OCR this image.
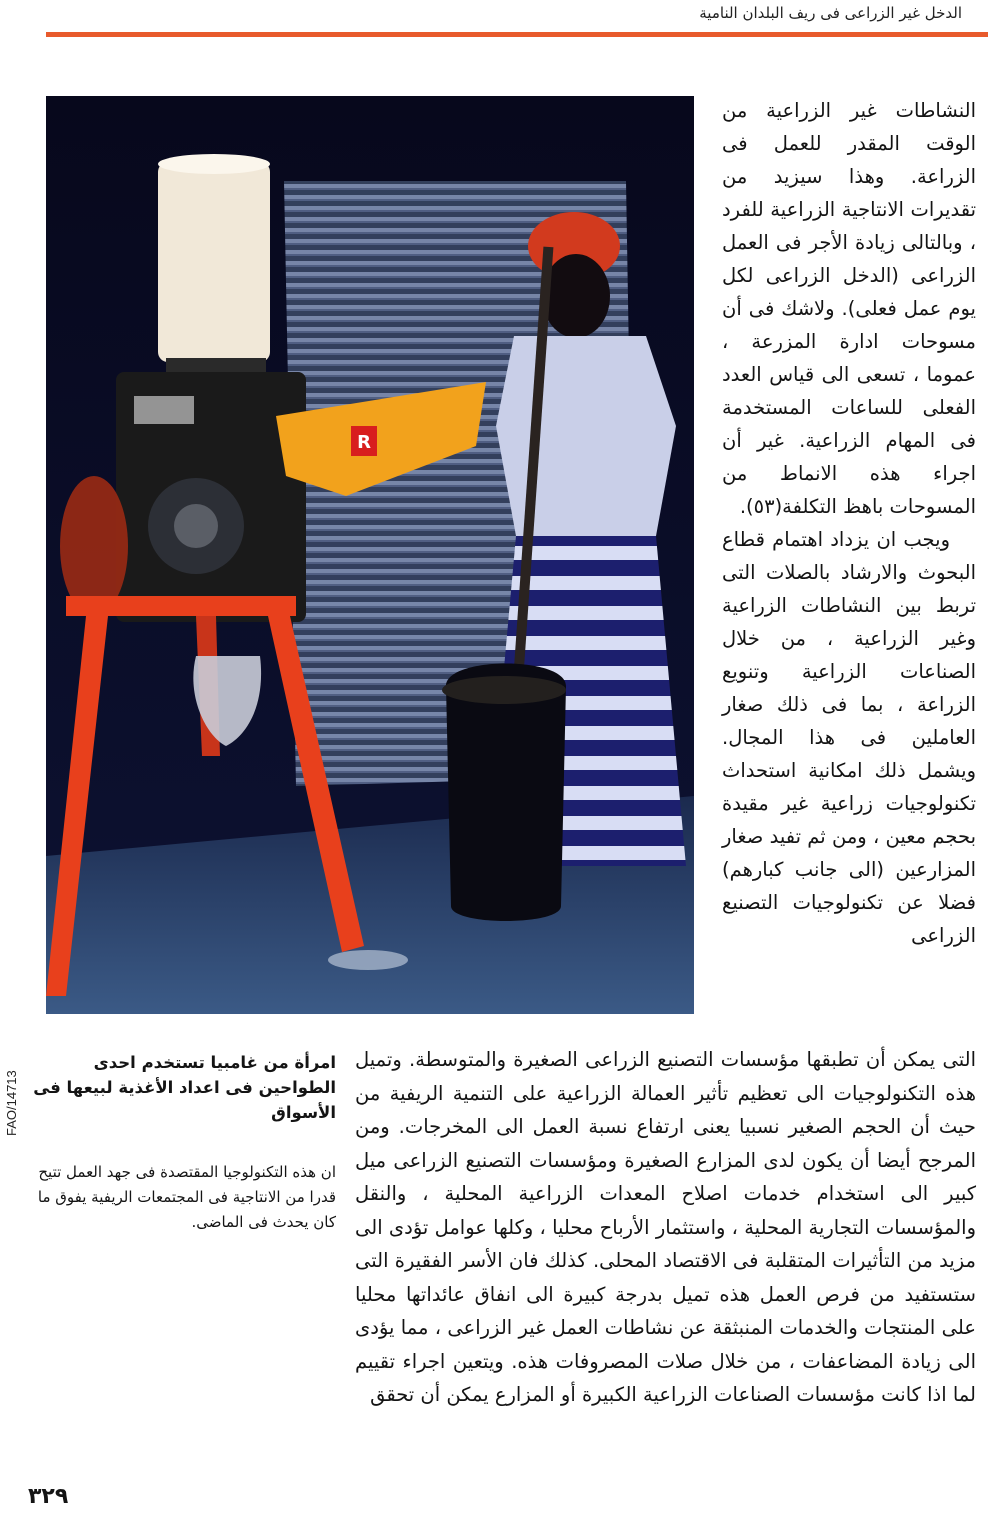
الدخل غير الزراعى فى ريف البلدان النامية
R
FAO/14713

النشاطات غير الزراعية من الوقت المقدر للعمل فى الزراعة. وهذا سيزيد من تقديرات الانتاجية الزراعية للفرد ، وبالتالى زيادة الأجر فى العمل الزراعى (الدخل الزراعى لكل يوم عمل فعلى). ولاشك فى أن مسوحات ادارة المزرعة ، عموما ، تسعى الى قياس العدد الفعلى للساعات المستخدمة فى المهام الزراعية. غير أن اجراء هذه الانماط من المسوحات باهظ التكلفة(٥٣).

ويجب ان يزداد اهتمام قطاع البحوث والارشاد بالصلات التى تربط بين النشاطات الزراعية وغير الزراعية ، من خلال الصناعات الزراعية وتنويع الزراعة ، بما فى ذلك صغار العاملين فى هذا المجال. ويشمل ذلك امكانية استحداث تكنولوجيات زراعية غير مقيدة بحجم معين ، ومن ثم تفيد صغار المزارعين (الى جانب كبارهم) فضلا عن تكنولوجيات التصنيع الزراعى

التى يمكن أن تطبقها مؤسسات التصنيع الزراعى الصغيرة والمتوسطة. وتميل هذه التكنولوجيات الى تعظيم تأثير العمالة الزراعية على التنمية الريفية من حيث أن الحجم الصغير نسبيا يعنى ارتفاع نسبة العمل الى المخرجات. ومن المرجح أيضا أن يكون لدى المزارع الصغيرة ومؤسسات التصنيع الزراعى ميل كبير الى استخدام خدمات اصلاح المعدات الزراعية المحلية ، والنقل والمؤسسات التجارية المحلية ، واستثمار الأرباح محليا ، وكلها عوامل تؤدى الى مزيد من التأثيرات المتقلبة فى الاقتصاد المحلى. كذلك فان الأسر الفقيرة التى ستستفيد من فرص العمل هذه تميل بدرجة كبيرة الى انفاق عائداتها محليا على المنتجات والخدمات المنبثقة عن نشاطات العمل غير الزراعى ، مما يؤدى الى زيادة المضاعفات ، من خلال صلات المصروفات هذه. ويتعين اجراء تقييم لما اذا كانت مؤسسات الصناعات الزراعية الكبيرة أو المزارع يمكن أن تحقق

امرأة من غامبيا تستخدم احدى الطواحين فى اعداد الأغذية لبيعها فى الأسواق
ان هذه التكنولوجيا المقتصدة فى جهد العمل تتيح قدرا من الانتاجية فى المجتمعات الريفية يفوق ما كان يحدث فى الماضى.
٣٢٩
